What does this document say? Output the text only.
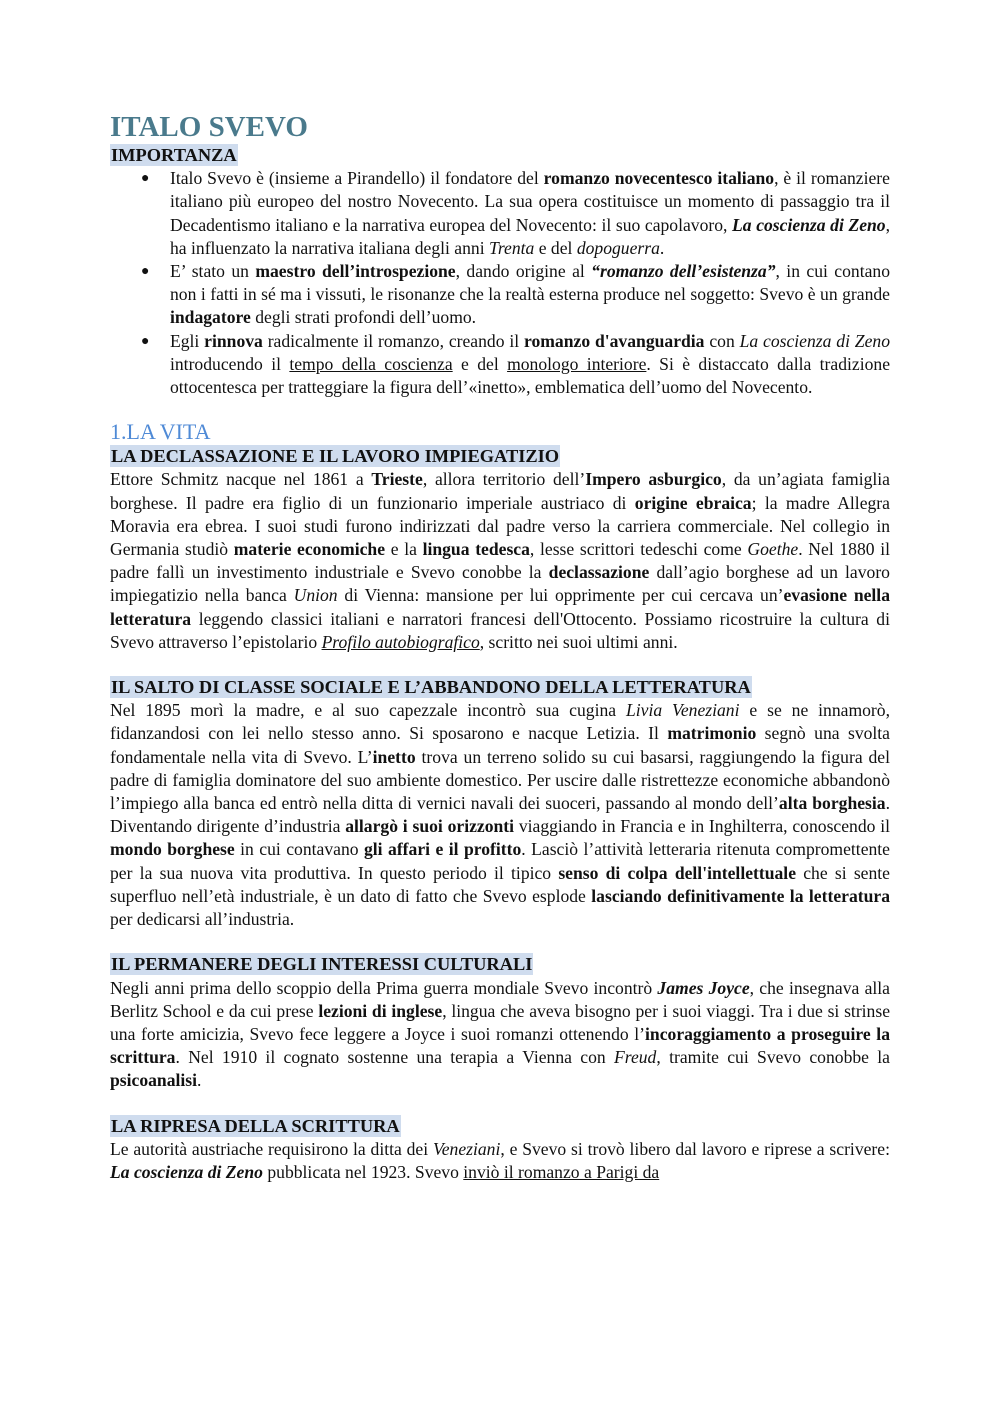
ITALO SVEVO
IMPORTANZA
● Italo Svevo è (insieme a Pirandello) il fondatore del romanzo novecentesco italiano, è il romanziere italiano più europeo del nostro Novecento. La sua opera costituisce un momento di passaggio tra il Decadentismo italiano e la narrativa europea del Novecento: il suo capolavoro, La coscienza di Zeno, ha influenzato la narrativa italiana degli anni Trenta e del dopoguerra.
● E’ stato un maestro dell’introspezione, dando origine al “romanzo dell’esistenza”, in cui contano non i fatti in sé ma i vissuti, le risonanze che la realtà esterna produce nel soggetto: Svevo è un grande indagatore degli strati profondi dell’uomo.
● Egli rinnova radicalmente il romanzo, creando il romanzo d'avanguardia con La coscienza di Zeno introducendo il tempo della coscienza e del monologo interiore. Si è distaccato dalla tradizione ottocentesca per tratteggiare la figura dell’«inetto», emblematica dell’uomo del Novecento.
1.LA VITA
LA DECLASSAZIONE E IL LAVORO IMPIEGATIZIO

Ettore Schmitz nacque nel 1861 a Trieste, allora territorio dell’Impero asburgico, da un’agiata famiglia borghese. Il padre era figlio di un funzionario imperiale austriaco di origine ebraica; la madre Allegra Moravia era ebrea. I suoi studi furono indirizzati dal padre verso la carriera commerciale. Nel collegio in Germania studiò materie economiche e la lingua tedesca, lesse scrittori tedeschi come Goethe. Nel 1880 il padre fallì un investimento industriale e Svevo conobbe la declassazione dall’agio borghese ad un lavoro impiegatizio nella banca Union di Vienna: mansione per lui opprimente per cui cercava un’evasione nella letteratura leggendo classici italiani e narratori francesi dell'Ottocento. Possiamo ricostruire la cultura di Svevo attraverso l’epistolario Profilo autobiografico, scritto nei suoi ultimi anni.

IL SALTO DI CLASSE SOCIALE E L’ABBANDONO DELLA LETTERATURA

Nel 1895 morì la madre, e al suo capezzale incontrò sua cugina Livia Veneziani e se ne innamorò, fidanzandosi con lei nello stesso anno. Si sposarono e nacque Letizia. Il matrimonio segnò una svolta fondamentale nella vita di Svevo. L’inetto trova un terreno solido su cui basarsi, raggiungendo la figura del padre di famiglia dominatore del suo ambiente domestico. Per uscire dalle ristrettezze economiche abbandonò l’impiego alla banca ed entrò nella ditta di vernici navali dei suoceri, passando al mondo dell’alta borghesia. Diventando dirigente d’industria allargò i suoi orizzonti viaggiando in Francia e in Inghilterra, conoscendo il mondo borghese in cui contavano gli affari e il profitto. Lasciò l’attività letteraria ritenuta compromettente per la sua nuova vita produttiva. In questo periodo il tipico senso di colpa dell'intellettuale che si sente superfluo nell’età industriale, è un dato di fatto che Svevo esplode lasciando definitivamente la letteratura per dedicarsi all’industria.

IL PERMANERE DEGLI INTERESSI CULTURALI

Negli anni prima dello scoppio della Prima guerra mondiale Svevo incontrò James Joyce, che insegnava alla Berlitz School e da cui prese lezioni di inglese, lingua che aveva bisogno per i suoi viaggi. Tra i due si strinse una forte amicizia, Svevo fece leggere a Joyce i suoi romanzi ottenendo l’incoraggiamento a proseguire la scrittura. Nel 1910 il cognato sostenne una terapia a Vienna con Freud, tramite cui Svevo conobbe la psicoanalisi.

LA RIPRESA DELLA SCRITTURA

Le autorità austriache requisirono la ditta dei Veneziani, e Svevo si trovò libero dal lavoro e riprese a scrivere: La coscienza di Zeno pubblicata nel 1923. Svevo inviò il romanzo a Parigi da
